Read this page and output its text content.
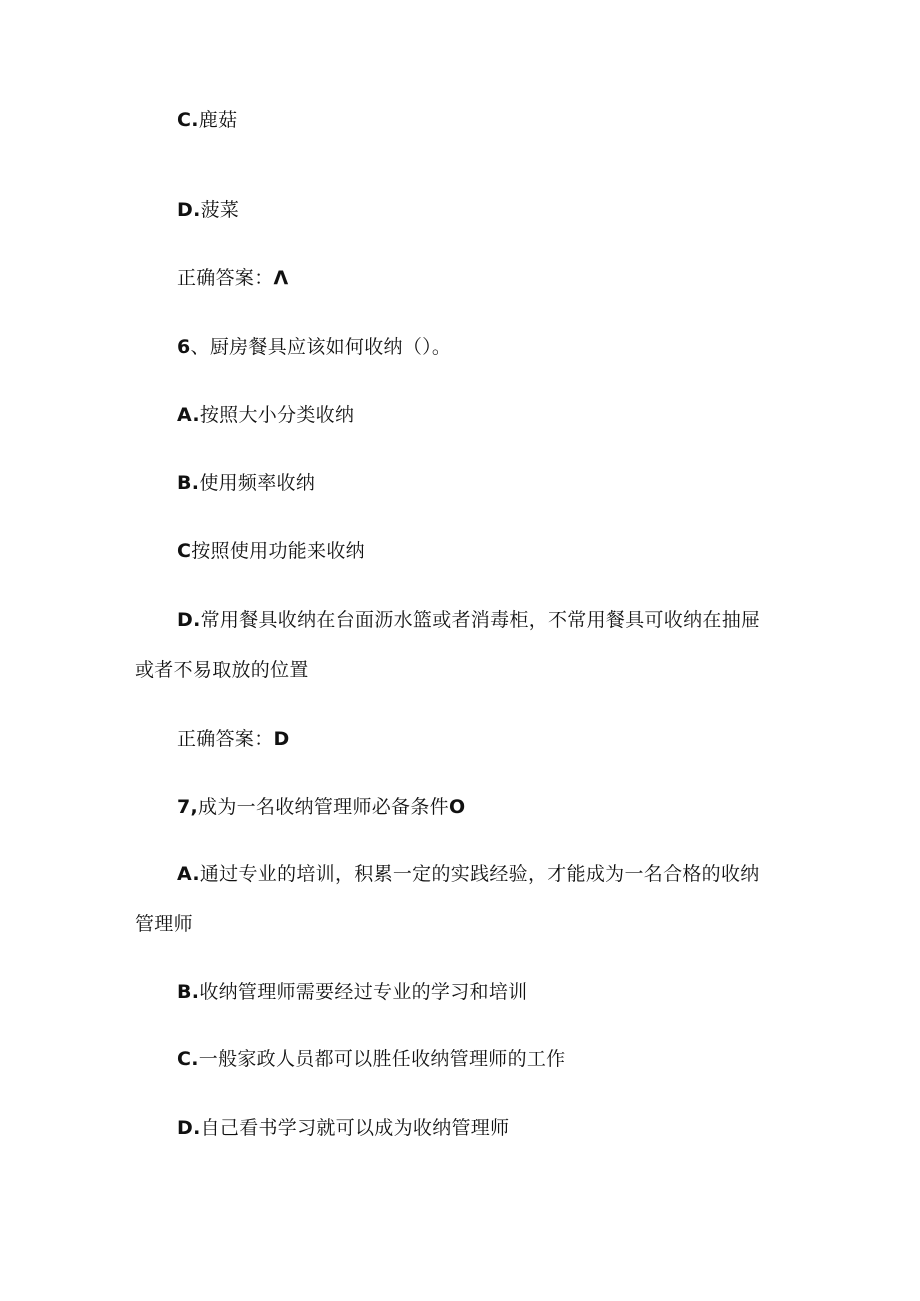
C.鹿菇
D.菠菜
正确答案：Λ
6、厨房餐具应该如何收纳（）。
A.按照大小分类收纳
B.使用频率收纳
C按照使用功能来收纳
D.常用餐具收纳在台面沥水篮或者消毒柜，不常用餐具可收纳在抽屉
或者不易取放的位置
正确答案：D
7,成为一名收纳管理师必备条件O
A.通过专业的培训，积累一定的实践经验，才能成为一名合格的收纳
管理师
B.收纳管理师需要经过专业的学习和培训
C.一般家政人员都可以胜任收纳管理师的工作
D.自己看书学习就可以成为收纳管理师
